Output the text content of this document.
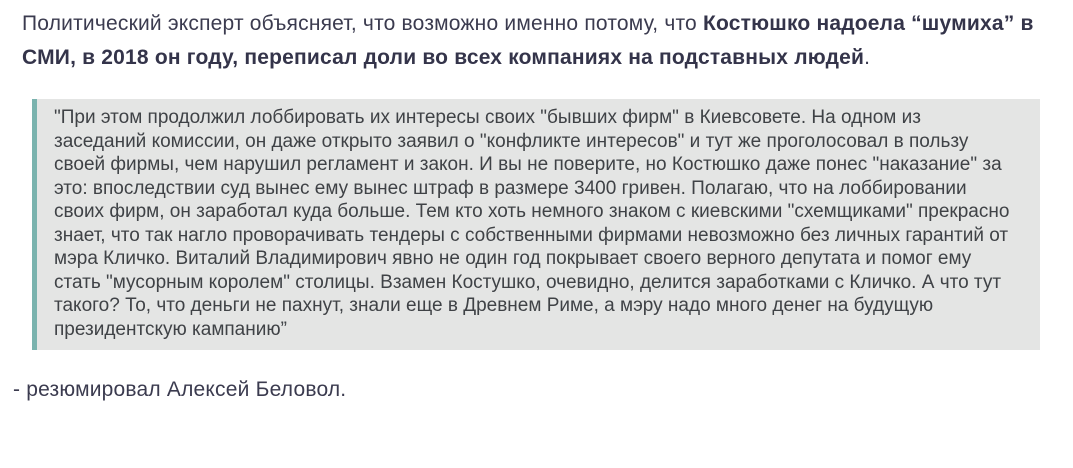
Политический эксперт объясняет, что возможно именно потому, что Костюшко надоела “шумиха” в СМИ, в 2018 он году, переписал доли во всех компаниях на подставных людей.

"При этом продолжил лоббировать их интересы своих "бывших фирм" в Киевсовете. На одном из заседаний комиссии, он даже открыто заявил о "конфликте интересов" и тут же проголосовал в пользу своей фирмы, чем нарушил регламент и закон. И вы не поверите, но Костюшко даже понес "наказание" за это: впоследствии суд вынес ему вынес штраф в размере 3400 гривен. Полагаю, что на лоббировании своих фирм, он заработал куда больше. Тем кто хоть немного знаком с киевскими "схемщиками" прекрасно знает, что так нагло проворачивать тендеры с собственными фирмами невозможно без личных гарантий от мэра Кличко. Виталий Владимирович явно не один год покрывает своего верного депутата и помог ему стать "мусорным королем" столицы. Взамен Костушко, очевидно, делится заработками с Кличко. А что тут такого? То, что деньги не пахнут, знали еще в Древнем Риме, а мэру надо много денег на будущую президентскую кампанию”

- резюмировал Алексей Беловол.
